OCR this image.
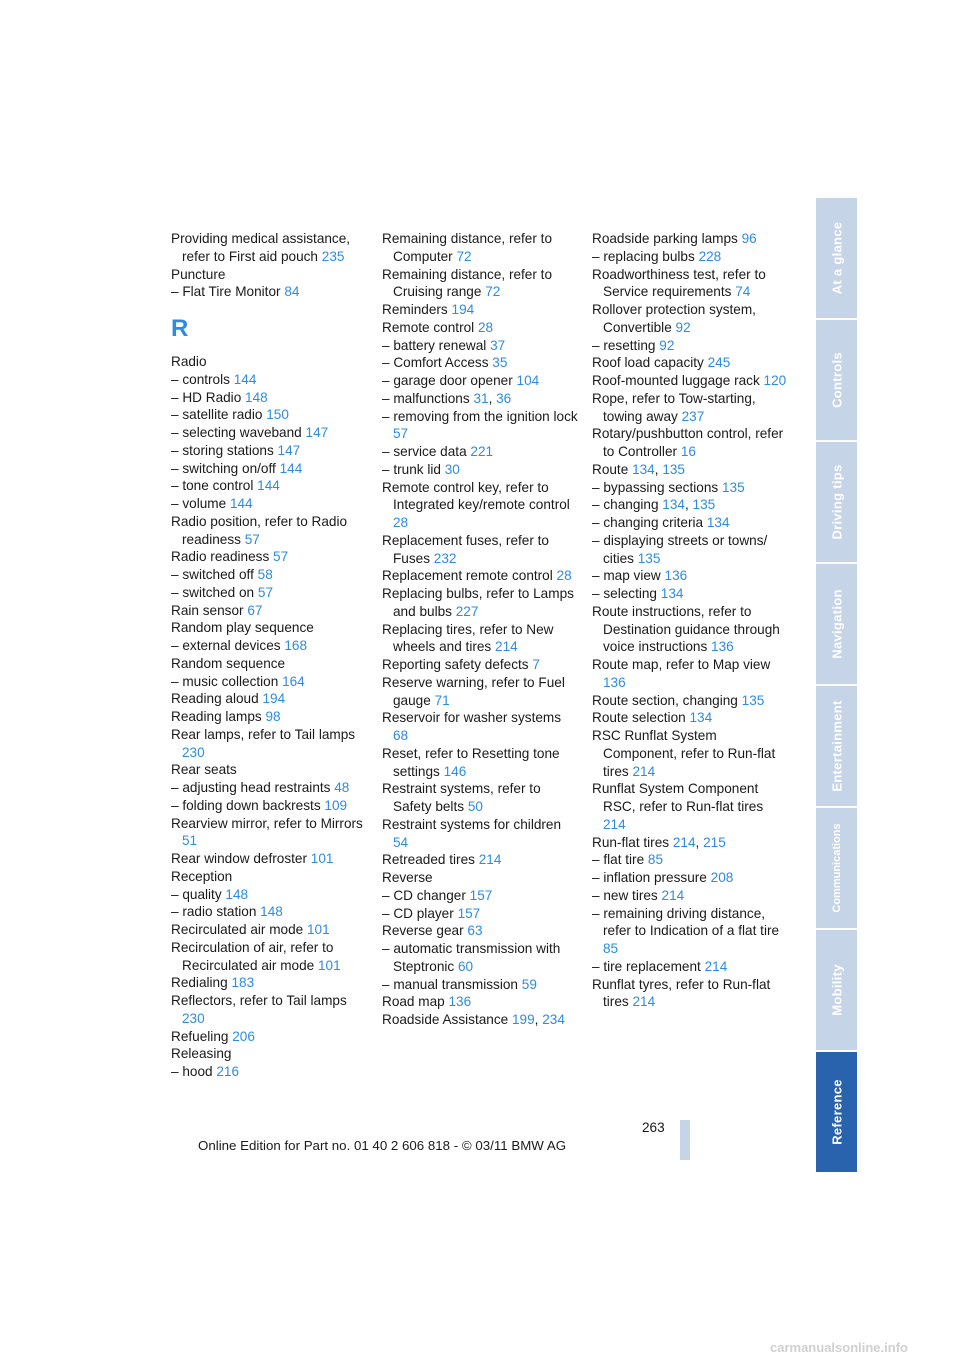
Providing medical assistance, refer to First aid pouch 235
Puncture
– Flat Tire Monitor 84
R
Radio
– controls 144
– HD Radio 148
– satellite radio 150
– selecting waveband 147
– storing stations 147
– switching on/off 144
– tone control 144
– volume 144
Radio position, refer to Radio readiness 57
Radio readiness 57
– switched off 58
– switched on 57
Rain sensor 67
Random play sequence
– external devices 168
Random sequence
– music collection 164
Reading aloud 194
Reading lamps 98
Rear lamps, refer to Tail lamps 230
Rear seats
– adjusting head restraints 48
– folding down backrests 109
Rearview mirror, refer to Mirrors 51
Rear window defroster 101
Reception
– quality 148
– radio station 148
Recirculated air mode 101
Recirculation of air, refer to Recirculated air mode 101
Redialing 183
Reflectors, refer to Tail lamps 230
Refueling 206
Releasing
– hood 216
Remaining distance, refer to Computer 72
Remaining distance, refer to Cruising range 72
Reminders 194
Remote control 28
– battery renewal 37
– Comfort Access 35
– garage door opener 104
– malfunctions 31, 36
– removing from the ignition lock 57
– service data 221
– trunk lid 30
Remote control key, refer to Integrated key/remote control 28
Replacement fuses, refer to Fuses 232
Replacement remote control 28
Replacing bulbs, refer to Lamps and bulbs 227
Replacing tires, refer to New wheels and tires 214
Reporting safety defects 7
Reserve warning, refer to Fuel gauge 71
Reservoir for washer systems 68
Reset, refer to Resetting tone settings 146
Restraint systems, refer to Safety belts 50
Restraint systems for children 54
Retreaded tires 214
Reverse
– CD changer 157
– CD player 157
Reverse gear 63
– automatic transmission with Steptronic 60
– manual transmission 59
Road map 136
Roadside Assistance 199, 234
Roadside parking lamps 96
– replacing bulbs 228
Roadworthiness test, refer to Service requirements 74
Rollover protection system, Convertible 92
– resetting 92
Roof load capacity 245
Roof-mounted luggage rack 120
Rope, refer to Tow-starting, towing away 237
Rotary/pushbutton control, refer to Controller 16
Route 134, 135
– bypassing sections 135
– changing 134, 135
– changing criteria 134
– displaying streets or towns/ cities 135
– map view 136
– selecting 134
Route instructions, refer to Destination guidance through voice instructions 136
Route map, refer to Map view 136
Route section, changing 135
Route selection 134
RSC Runflat System Component, refer to Run-flat tires 214
Runflat System Component RSC, refer to Run-flat tires 214
Run-flat tires 214, 215
– flat tire 85
– inflation pressure 208
– new tires 214
– remaining driving distance, refer to Indication of a flat tire 85
– tire replacement 214
Runflat tyres, refer to Run-flat tires 214
At a glance
Controls
Driving tips
Navigation
Entertainment
Communications
Mobility
Reference
263
Online Edition for Part no. 01 40 2 606 818 - © 03/11 BMW AG
carmanualsonline.info
